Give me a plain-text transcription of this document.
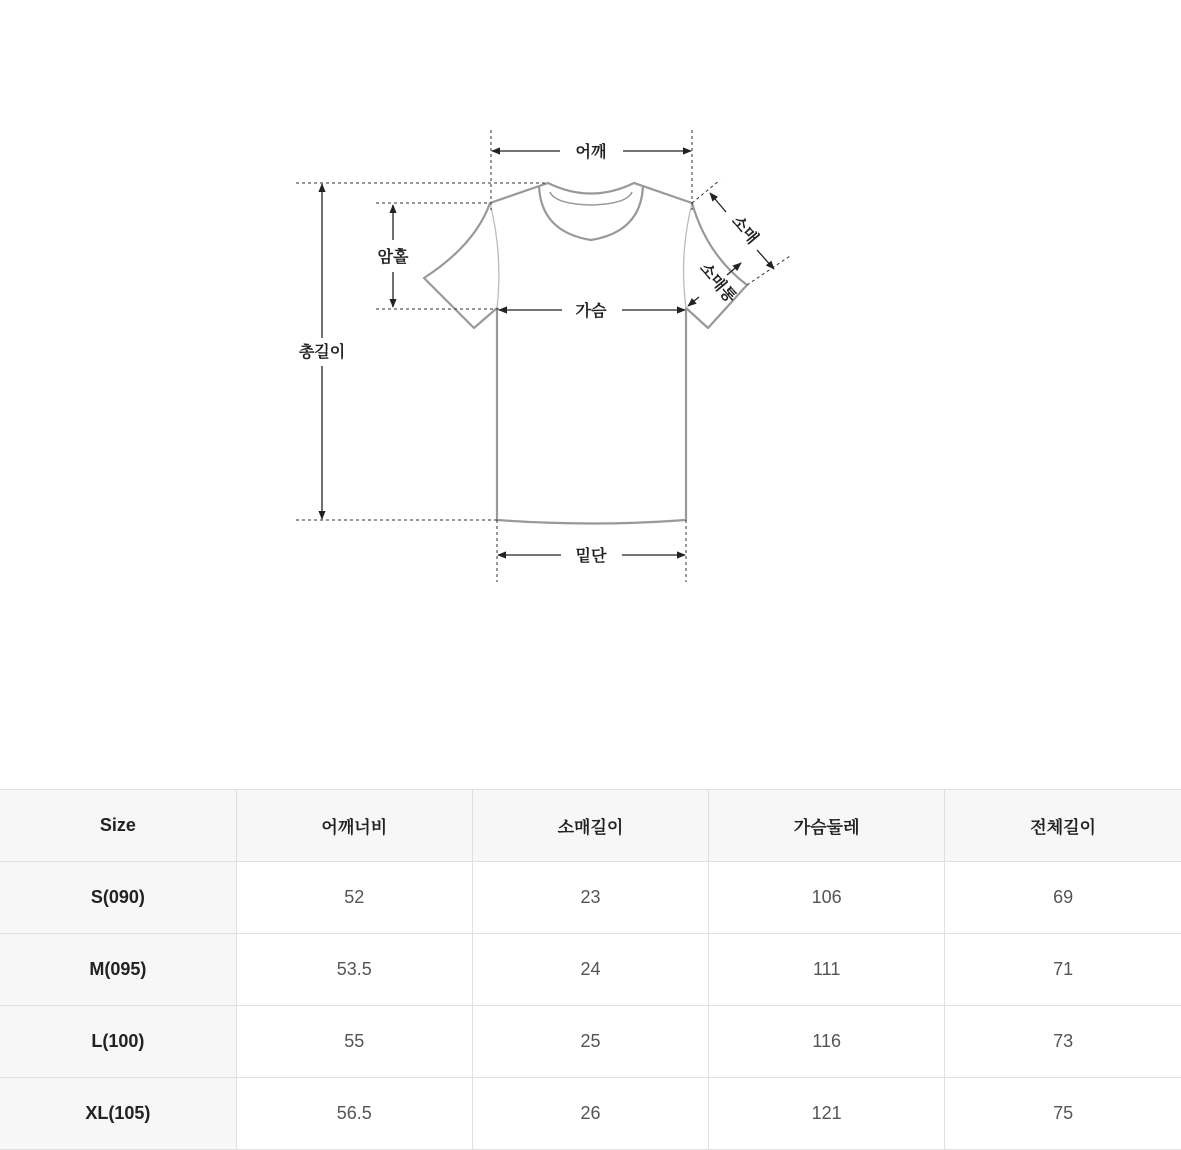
어깨
총길이
암홀
가슴
밑단
소매
소매통
Size	어깨너비	소매길이	가슴둘레	전체길이
S(090)	52	23	106	69
M(095)	53.5	24	111	71
L(100)	55	25	116	73
XL(105)	56.5	26	121	75
